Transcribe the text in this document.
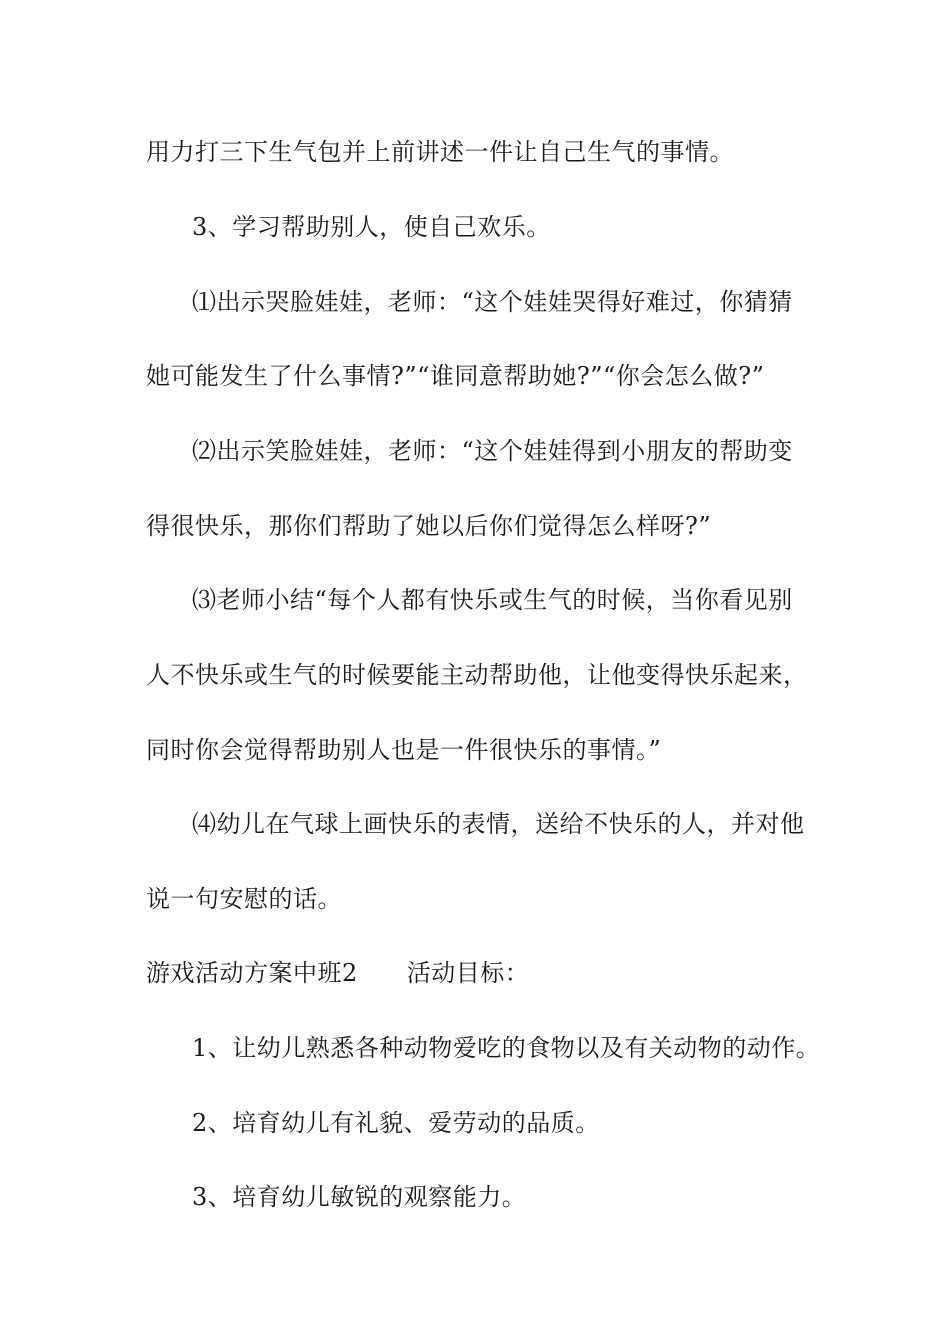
用力打三下生气包并上前讲述一件让自己生气的事情。
3、学习帮助别人，使自己欢乐。
⑴出示哭脸娃娃，老师：“这个娃娃哭得好难过，你猜猜
她可能发生了什么事情?”“谁同意帮助她?”“你会怎么做?”
⑵出示笑脸娃娃，老师：“这个娃娃得到小朋友的帮助变
得很快乐，那你们帮助了她以后你们觉得怎么样呀?”
⑶老师小结“每个人都有快乐或生气的时候，当你看见别
人不快乐或生气的时候要能主动帮助他，让他变得快乐起来，
同时你会觉得帮助别人也是一件很快乐的事情。”
⑷幼儿在气球上画快乐的表情，送给不快乐的人，并对他
说一句安慰的话。
游戏活动方案中班2　　活动目标：
1、让幼儿熟悉各种动物爱吃的食物以及有关动物的动作。
2、培育幼儿有礼貌、爱劳动的品质。
3、培育幼儿敏锐的观察能力。
